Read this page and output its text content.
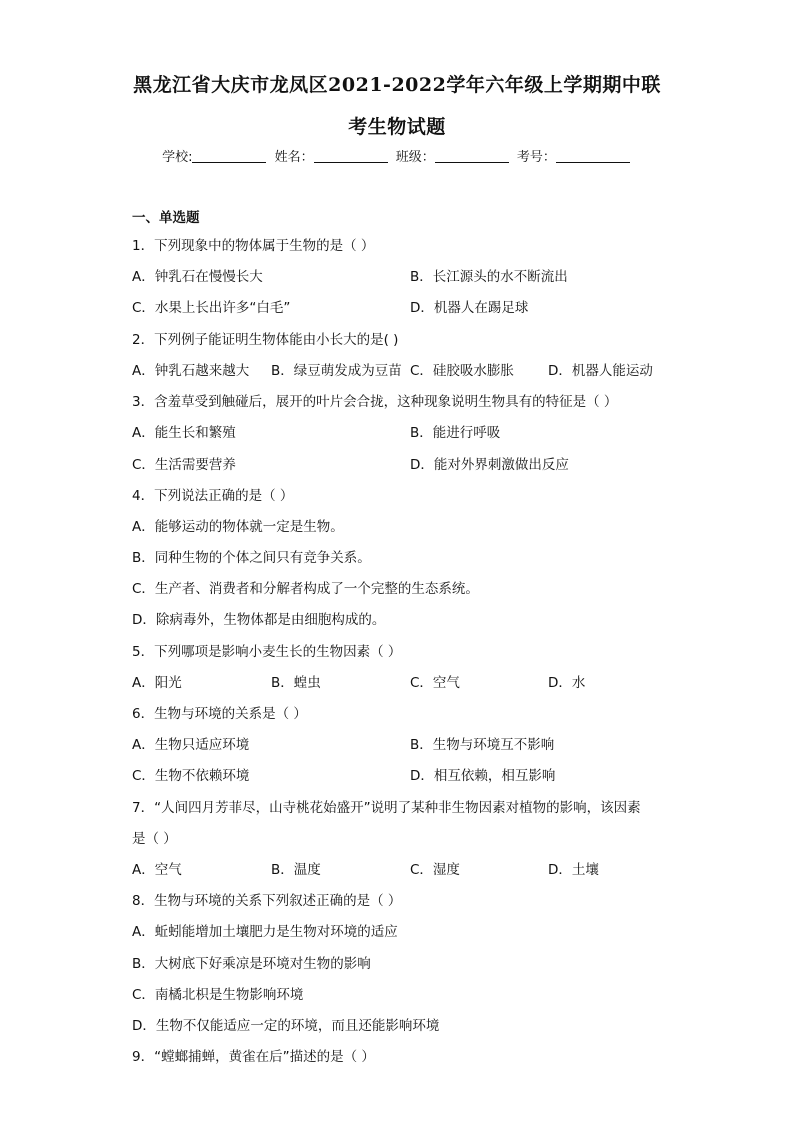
黑龙江省大庆市龙凤区2021-2022学年六年级上学期期中联
考生物试题
学校:	姓名：	班级：	考号：
一、单选题
1．下列现象中的物体属于生物的是（ ）
A．钟乳石在慢慢长大	B．长江源头的水不断流出
C．水果上长出许多“白毛”	D．机器人在踢足球
2．下列例子能证明生物体能由小长大的是( )
A．钟乳石越来越大 B．绿豆萌发成为豆苗 C．硅胶吸水膨胀	D．机器人能运动
3．含羞草受到触碰后，展开的叶片会合拢，这种现象说明生物具有的特征是（ ）
A．能生长和繁殖	B．能进行呼吸
C．生活需要营养	D．能对外界刺激做出反应
4．下列说法正确的是（ ）
A．能够运动的物体就一定是生物。
B．同种生物的个体之间只有竞争关系。
C．生产者、消费者和分解者构成了一个完整的生态系统。
D．除病毒外，生物体都是由细胞构成的。
5．下列哪项是影响小麦生长的生物因素（ ）
A．阳光	B．蝗虫	C．空气	D．水
6．生物与环境的关系是（ ）
A．生物只适应环境	B．生物与环境互不影响
C．生物不依赖环境	D．相互依赖，相互影响
7．“人间四月芳菲尽，山寺桃花始盛开”说明了某种非生物因素对植物的影响，该因素
是（ ）
A．空气	B．温度	C．湿度	D．土壤
8．生物与环境的关系下列叙述正确的是（ ）
A．蚯蚓能增加土壤肥力是生物对环境的适应
B．大树底下好乘凉是环境对生物的影响
C．南橘北枳是生物影响环境
D．生物不仅能适应一定的环境，而且还能影响环境
9．“螳螂捕蝉，黄雀在后”描述的是（ ）
